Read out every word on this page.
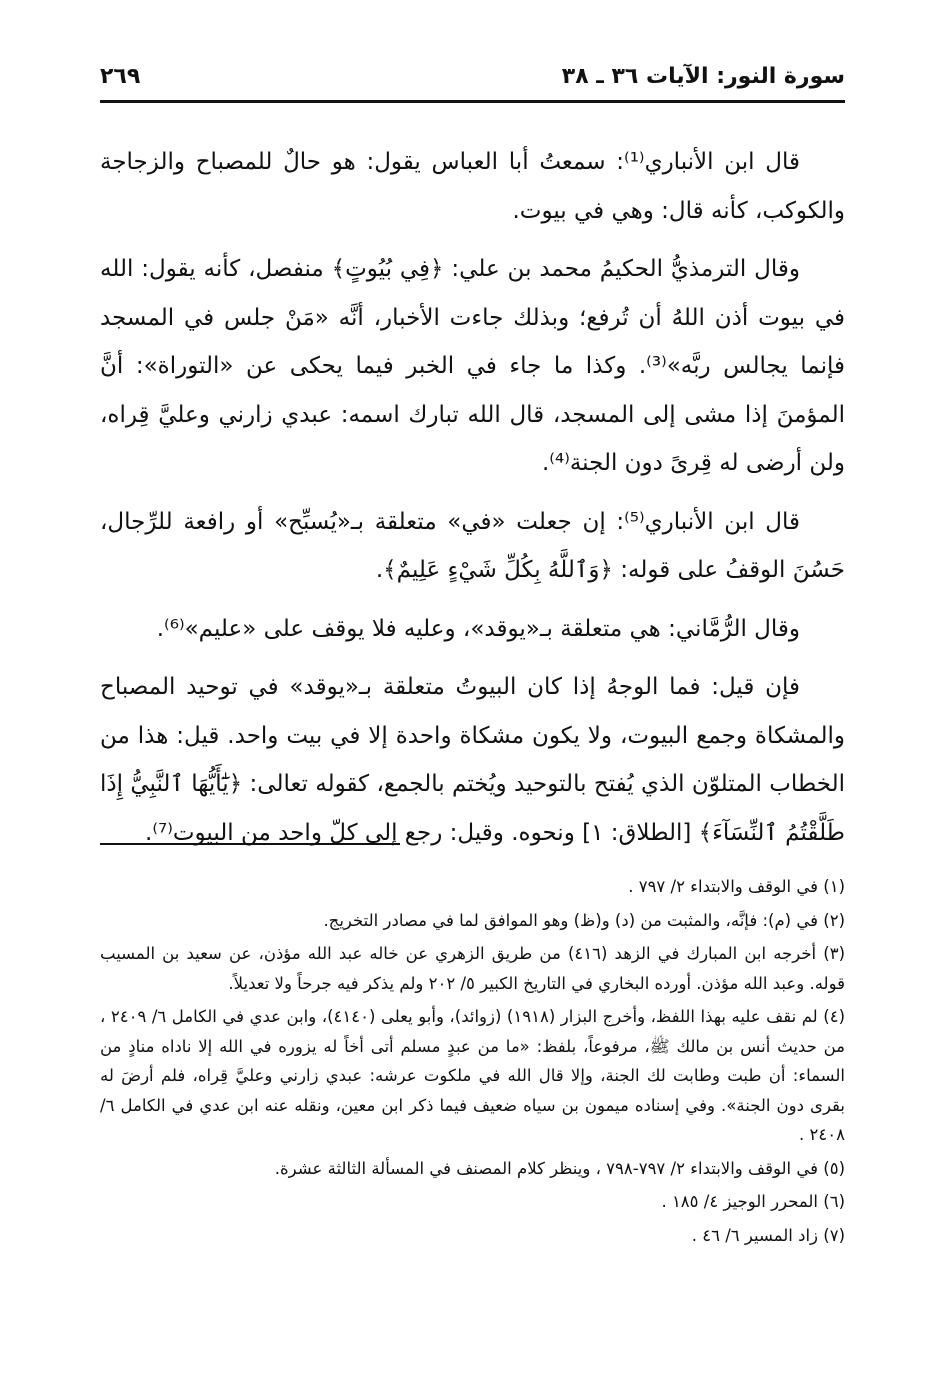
سورة النور: الآيات ٣٦ ـ ٣٨
٢٦٩

قال ابن الأنباري⁽¹⁾: سمعتُ أبا العباس يقول: هو حالٌ للمصباح والزجاجة والكوكب، كأنه قال: وهي في بيوت.

وقال الترمذيُّ الحكيمُ محمد بن علي: ﴿فِي بُيُوتٍ﴾ منفصل، كأنه يقول: الله في بيوت أذن اللهُ أن تُرفع؛ وبذلك جاءت الأخبار، أنَّه «مَنْ جلس في المسجد فإنما يجالس ربَّه»⁽³⁾. وكذا ما جاء في الخبر فيما يحكى عن «التوراة»: أنَّ المؤمنَ إذا مشى إلى المسجد، قال الله تبارك اسمه: عبدي زارني وعليَّ قِراه، ولن أرضى له قِرىً دون الجنة⁽⁴⁾.

قال ابن الأنباري⁽⁵⁾: إن جعلت «في» متعلقة بـ«يُسبِّح» أو رافعة للرِّجال، حَسُنَ الوقفُ على قوله: ﴿وَٱللَّهُ بِكُلِّ شَيْءٍ عَلِيمٌ﴾.

وقال الرُّمَّاني: هي متعلقة بـ«يوقد»، وعليه فلا يوقف على «عليم»⁽⁶⁾.

فإن قيل: فما الوجهُ إذا كان البيوتُ متعلقة بـ«يوقد» في توحيد المصباح والمشكاة وجمع البيوت، ولا يكون مشكاة واحدة إلا في بيت واحد. قيل: هذا من الخطاب المتلوّن الذي يُفتح بالتوحيد ويُختم بالجمع، كقوله تعالى: ﴿يَٰٓأَيُّهَا ٱلنَّبِيُّ إِذَا طَلَّقْتُمُ ٱلنِّسَآءَ﴾ [الطلاق: ١] ونحوه. وقيل: رجع إلى كلّ واحد من البيوت⁽⁷⁾.

(١) في الوقف والابتداء ٢/ ٧٩٧ .

(٢) في (م): فإنَّه، والمثبت من (د) و(ظ) وهو الموافق لما في مصادر التخريج.

(٣) أخرجه ابن المبارك في الزهد (٤١٦) من طريق الزهري عن خاله عبد الله مؤذن، عن سعيد بن المسيب قوله. وعبد الله مؤذن. أورده البخاري في التاريخ الكبير ٥/ ٢٠٢ ولم يذكر فيه جرحاً ولا تعديلاً.

(٤) لم نقف عليه بهذا اللفظ، وأخرج البزار (١٩١٨) (زوائد)، وأبو يعلى (٤١٤٠)، وابن عدي في الكامل ٦/ ٢٤٠٩ ، من حديث أنس بن مالك ﷺ، مرفوعاً، بلفظ: «ما من عبدٍ مسلم أتى أخاً له يزوره في الله إلا ناداه منادٍ من السماء: أن طبت وطابت لك الجنة، وإلا قال الله في ملكوت عرشه: عبدي زارني وعليَّ قِراه، فلم أرضَ له بقرى دون الجنة». وفي إسناده ميمون بن سياه ضعيف فيما ذكر ابن معين، ونقله عنه ابن عدي في الكامل ٦/ ٢٤٠٨ .

(٥) في الوقف والابتداء ٢/ ٧٩٧-٧٩٨ ، وينظر كلام المصنف في المسألة الثالثة عشرة.

(٦) المحرر الوجيز ٤/ ١٨٥ .

(٧) زاد المسير ٦/ ٤٦ .
